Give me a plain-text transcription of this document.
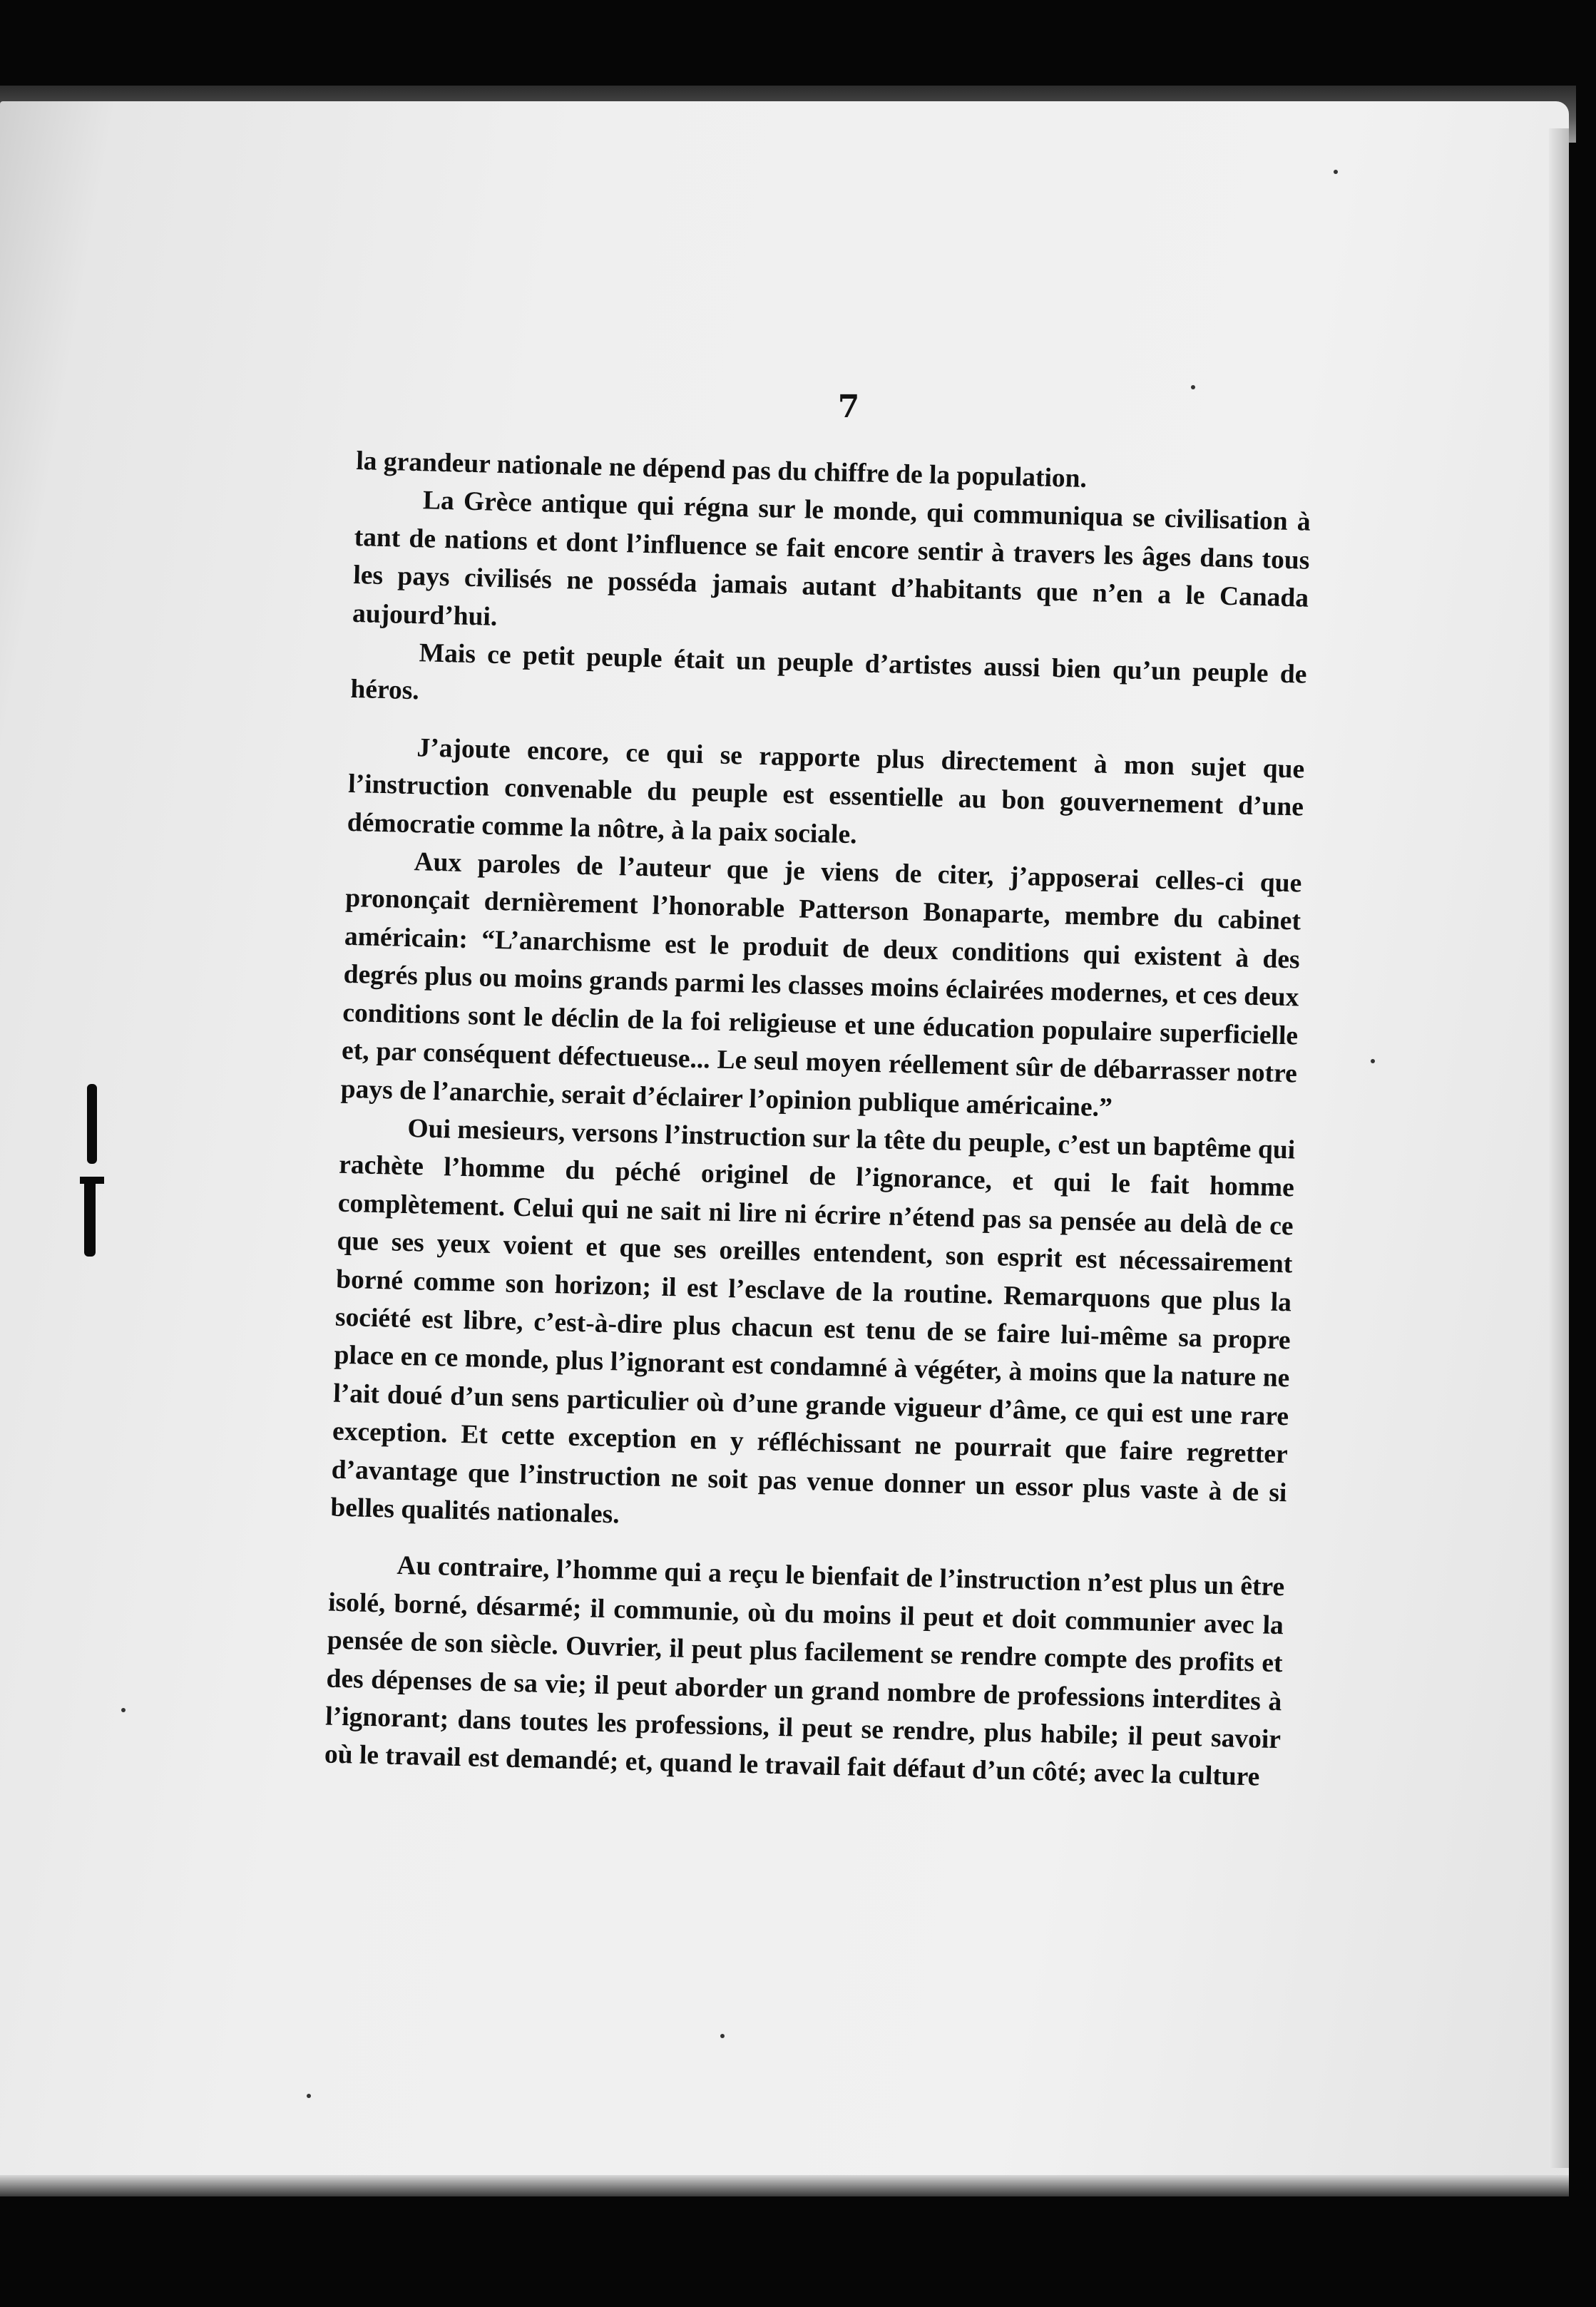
7

la grandeur nationale ne dépend pas du chiffre de la population.

La Grèce antique qui régna sur le monde, qui communiqua se civilisation à tant de nations et dont l’influence se fait encore sentir à travers les âges dans tous les pays civilisés ne posséda jamais autant d’habitants que n’en a le Canada aujourd’hui.

Mais ce petit peuple était un peuple d’artistes aussi bien qu’un peuple de héros.

J’ajoute encore, ce qui se rapporte plus directement à mon sujet que l’instruction convenable du peuple est essentielle au bon gouvernement d’une démocratie comme la nôtre, à la paix sociale.

Aux paroles de l’auteur que je viens de citer, j’apposerai celles-ci que prononçait dernièrement l’honorable Patterson Bonaparte, membre du cabinet américain: “L’anarchisme est le produit de deux conditions qui existent à des degrés plus ou moins grands parmi les classes moins éclairées modernes, et ces deux conditions sont le déclin de la foi religieuse et une éducation populaire superficielle et, par conséquent défectueuse... Le seul moyen réellement sûr de débarrasser notre pays de l’anarchie, serait d’éclairer l’opinion publique américaine.”

Oui mesieurs, versons l’instruction sur la tête du peuple, c’est un baptême qui rachète l’homme du péché originel de l’ignorance, et qui le fait homme complètement. Celui qui ne sait ni lire ni écrire n’étend pas sa pensée au delà de ce que ses yeux voient et que ses oreilles entendent, son esprit est nécessairement borné comme son horizon; il est l’esclave de la routine. Remarquons que plus la société est libre, c’est-à-dire plus chacun est tenu de se faire lui-même sa propre place en ce monde, plus l’ignorant est condamné à végéter, à moins que la nature ne l’ait doué d’un sens particulier où d’une grande vigueur d’âme, ce qui est une rare exception. Et cette exception en y réfléchissant ne pourrait que faire regretter d’avantage que l’instruction ne soit pas venue donner un essor plus vaste à de si belles qualités nationales.

Au contraire, l’homme qui a reçu le bienfait de l’instruction n’est plus un être isolé, borné, désarmé; il communie, où du moins il peut et doit communier avec la pensée de son siècle. Ouvrier, il peut plus facilement se rendre compte des profits et des dépenses de sa vie; il peut aborder un grand nombre de professions interdites à l’ignorant; dans toutes les professions, il peut se rendre, plus habile; il peut savoir où le travail est demandé; et, quand le travail fait défaut d’un côté; avec la culture
